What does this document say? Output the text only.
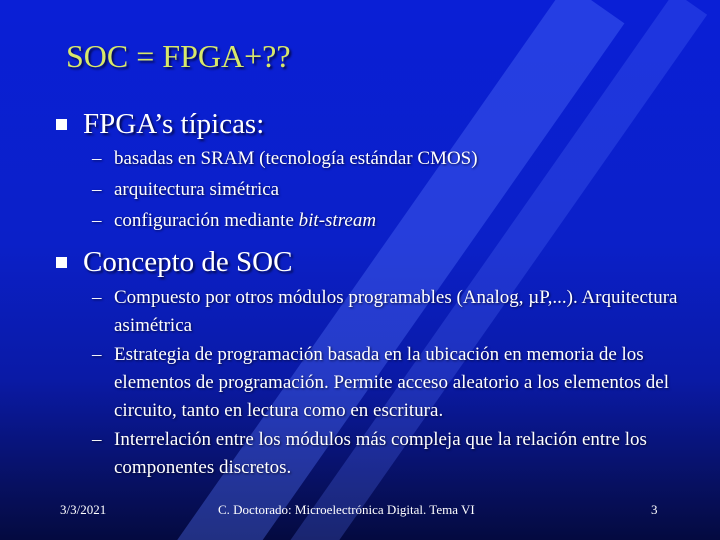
SOC = FPGA+??
FPGA’s típicas:
– basadas en SRAM (tecnología estándar CMOS)
– arquitectura simétrica
– configuración mediante bit-stream
Concepto de SOC
– Compuesto por otros módulos programables (Analog, µP,...). Arquitectura asimétrica
– Estrategia de programación basada en la ubicación en memoria de los elementos de programación. Permite acceso aleatorio a los elementos del circuito, tanto en lectura como en escritura.
– Interrelación entre los módulos más compleja que la relación entre los componentes discretos.
3/3/2021	C. Doctorado: Microelectrónica Digital. Tema VI	3
